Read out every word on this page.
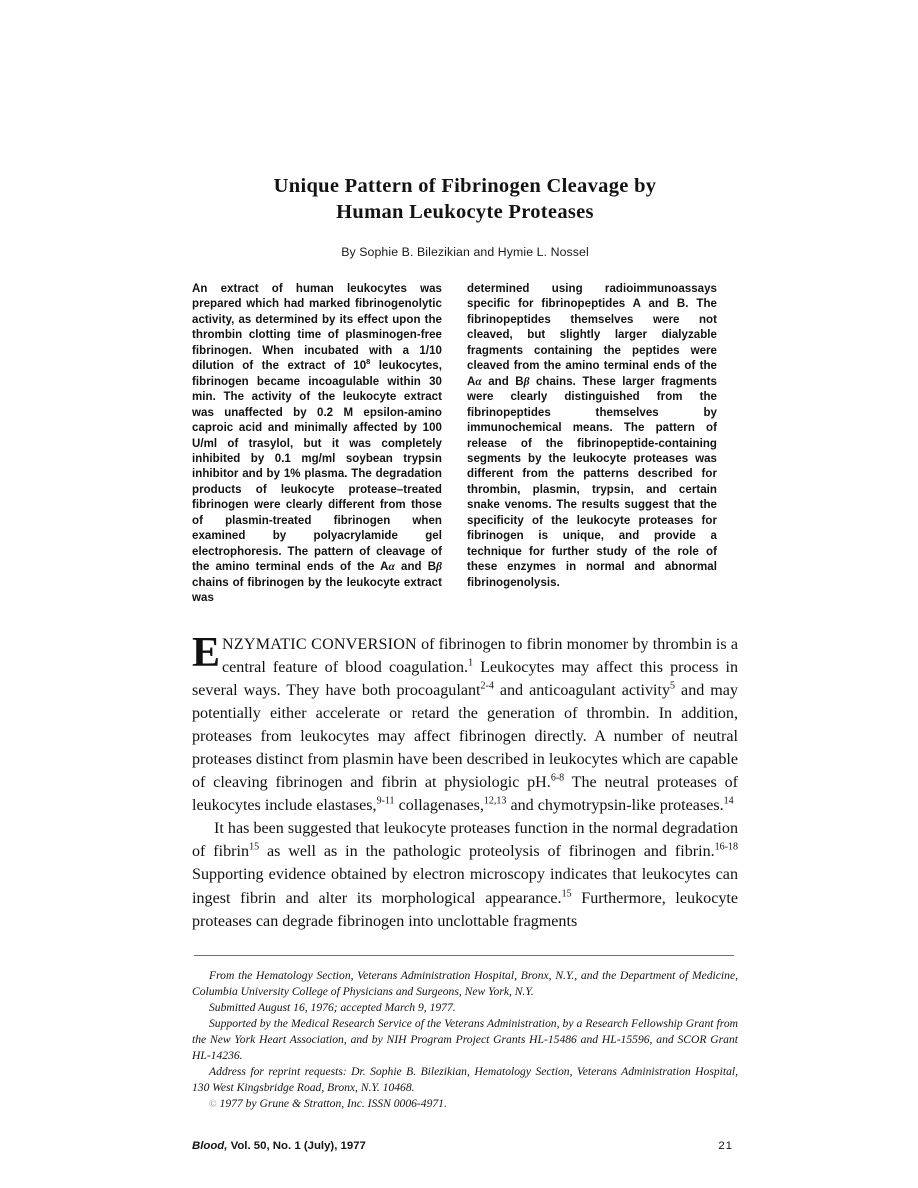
Unique Pattern of Fibrinogen Cleavage by
Human Leukocyte Proteases
By Sophie B. Bilezikian and Hymie L. Nossel
An extract of human leukocytes was prepared which had marked fibrinogenolytic activity, as determined by its effect upon the thrombin clotting time of plasminogen-free fibrinogen. When incubated with a 1/10 dilution of the extract of $10^8$ leukocytes, fibrinogen became incoagulable within 30 min. The activity of the leukocyte extract was unaffected by 0.2 M epsilon-amino caproic acid and minimally affected by 100 U/ml of trasylol, but it was completely inhibited by 0.1 mg/ml soybean trypsin inhibitor and by 1% plasma. The degradation products of leukocyte protease–treated fibrinogen were clearly different from those of plasmin-treated fibrinogen when examined by polyacrylamide gel electrophoresis. The pattern of cleavage of the amino terminal ends of the Aα and Bβ chains of fibrinogen by the leukocyte extract was
determined using radioimmunoassays specific for fibrinopeptides A and B. The fibrinopeptides themselves were not cleaved, but slightly larger dialyzable fragments containing the peptides were cleaved from the amino terminal ends of the Aα and Bβ chains. These larger fragments were clearly distinguished from the fibrinopeptides themselves by immunochemical means. The pattern of release of the fibrinopeptide-containing segments by the leukocyte proteases was different from the patterns described for thrombin, plasmin, trypsin, and certain snake venoms. The results suggest that the specificity of the leukocyte proteases for fibrinogen is unique, and provide a technique for further study of the role of these enzymes in normal and abnormal fibrinogenolysis.

ENZYMATIC CONVERSION of fibrinogen to fibrin monomer by thrombin is a central feature of blood coagulation.$^1$ Leukocytes may affect this process in several ways. They have both procoagulant$^{2-4}$ and anticoagulant activity$^5$ and may potentially either accelerate or retard the generation of thrombin. In addition, proteases from leukocytes may affect fibrinogen directly. A number of neutral proteases distinct from plasmin have been described in leukocytes which are capable of cleaving fibrinogen and fibrin at physiologic pH.$^{6-8}$ The neutral proteases of leukocytes include elastases,$^{9-11}$ collagenases,$^{12,13}$ and chymotrypsin-like proteases.$^{14}$

It has been suggested that leukocyte proteases function in the normal degradation of fibrin$^{15}$ as well as in the pathologic proteolysis of fibrinogen and fibrin.$^{16-18}$ Supporting evidence obtained by electron microscopy indicates that leukocytes can ingest fibrin and alter its morphological appearance.$^{15}$ Furthermore, leukocyte proteases can degrade fibrinogen into unclottable fragments

From the Hematology Section, Veterans Administration Hospital, Bronx, N.Y., and the Department of Medicine, Columbia University College of Physicians and Surgeons, New York, N.Y.

Submitted August 16, 1976; accepted March 9, 1977.

Supported by the Medical Research Service of the Veterans Administration, by a Research Fellowship Grant from the New York Heart Association, and by NIH Program Project Grants HL-15486 and HL-15596, and SCOR Grant HL-14236.

Address for reprint requests: Dr. Sophie B. Bilezikian, Hematology Section, Veterans Administration Hospital, 130 West Kingsbridge Road, Bronx, N.Y. 10468.

© 1977 by Grune & Stratton, Inc. ISSN 0006-4971.

Blood, Vol. 50, No. 1 (July), 1977	21
